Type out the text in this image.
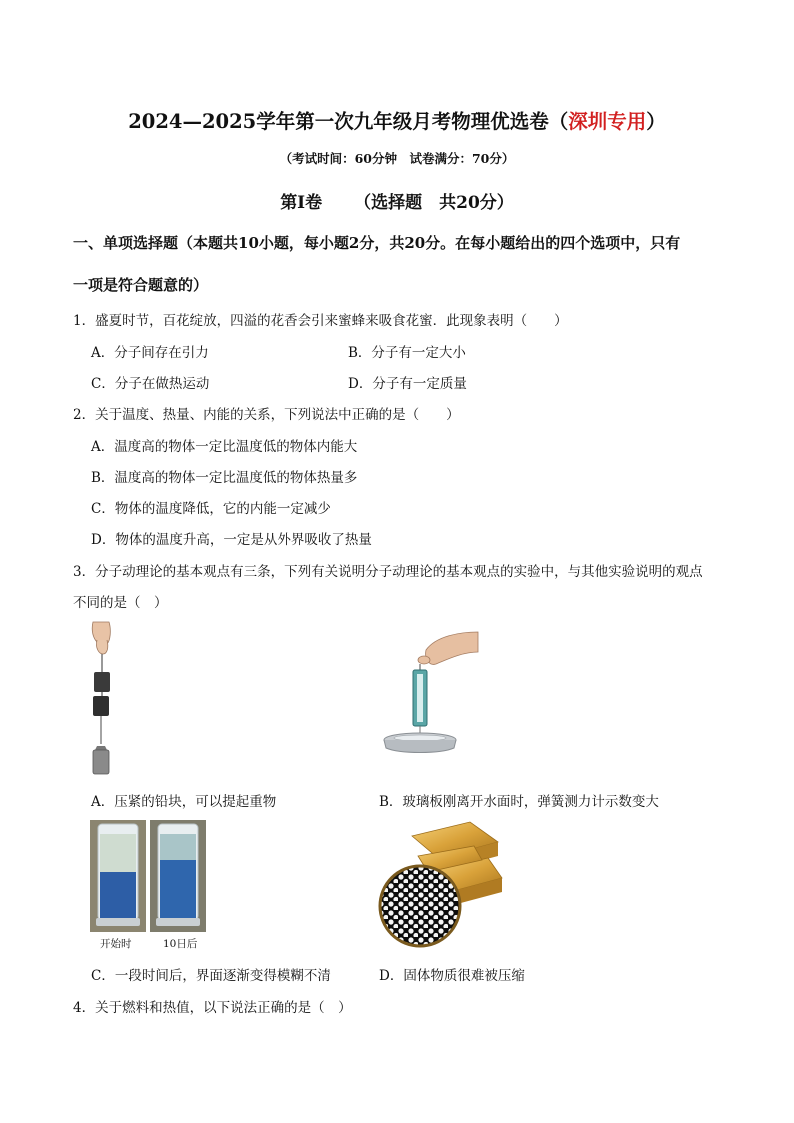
2024—2025学年第一次九年级月考物理优选卷（深圳专用）
（考试时间：60分钟　试卷满分：70分）
第Ⅰ卷 （选择题　共20分）
一、单项选择题（本题共10小题，每小题2分，共20分。在每小题给出的四个选项中，只有
一项是符合题意的）
1．盛夏时节，百花绽放，四溢的花香会引来蜜蜂来吸食花蜜．此现象表明（　　）
A．分子间存在引力	B．分子有一定大小
C．分子在做热运动	D．分子有一定质量
2．关于温度、热量、内能的关系，下列说法中正确的是（　　）
A．温度高的物体一定比温度低的物体内能大
B．温度高的物体一定比温度低的物体热量多
C．物体的温度降低，它的内能一定减少
D．物体的温度升高，一定是从外界吸收了热量
3．分子动理论的基本观点有三条，下列有关说明分子动理论的基本观点的实验中，与其他实验说明的观点
不同的是（　）
A．压紧的铅块，可以提起重物	B．玻璃板刚离开水面时，弹簧测力计示数变大
开始时	10日后
C．一段时间后，界面逐渐变得模糊不清	D．固体物质很难被压缩
4．关于燃料和热值，以下说法正确的是（　）
